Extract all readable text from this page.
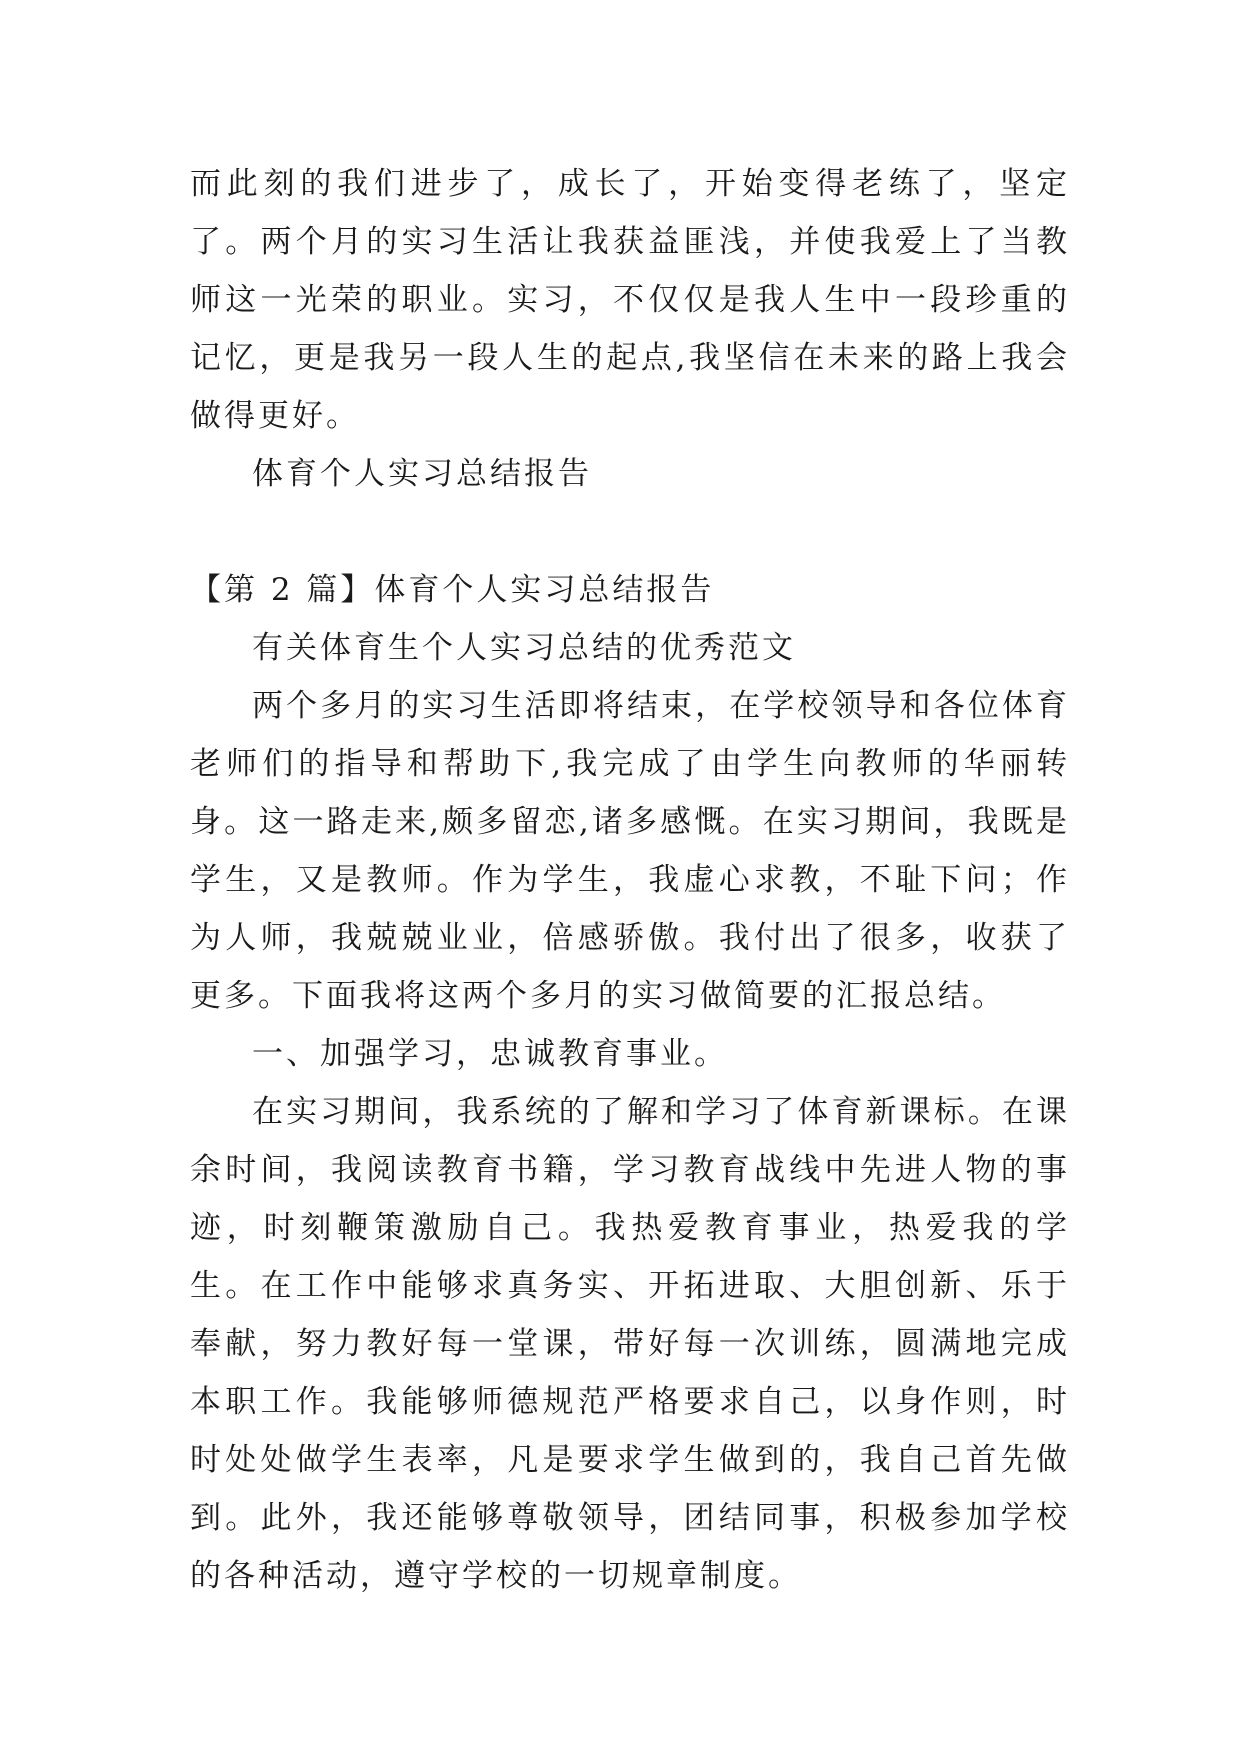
而此刻的我们进步了，成长了，开始变得老练了，坚定了。两个月的实习生活让我获益匪浅，并使我爱上了当教师这一光荣的职业。实习，不仅仅是我人生中一段珍重的记忆，更是我另一段人生的起点,我坚信在未来的路上我会做得更好。

体育个人实习总结报告

【第 2 篇】体育个人实习总结报告

有关体育生个人实习总结的优秀范文

两个多月的实习生活即将结束，在学校领导和各位体育老师们的指导和帮助下,我完成了由学生向教师的华丽转身。这一路走来,颇多留恋,诸多感慨。在实习期间，我既是学生，又是教师。作为学生，我虚心求教，不耻下问；作为人师，我兢兢业业，倍感骄傲。我付出了很多，收获了更多。下面我将这两个多月的实习做简要的汇报总结。

一、加强学习，忠诚教育事业。

在实习期间，我系统的了解和学习了体育新课标。在课余时间，我阅读教育书籍，学习教育战线中先进人物的事迹，时刻鞭策激励自己。我热爱教育事业，热爱我的学生。在工作中能够求真务实、开拓进取、大胆创新、乐于奉献，努力教好每一堂课，带好每一次训练，圆满地完成本职工作。我能够师德规范严格要求自己，以身作则，时时处处做学生表率，凡是要求学生做到的，我自己首先做到。此外，我还能够尊敬领导，团结同事，积极参加学校的各种活动，遵守学校的一切规章制度。
